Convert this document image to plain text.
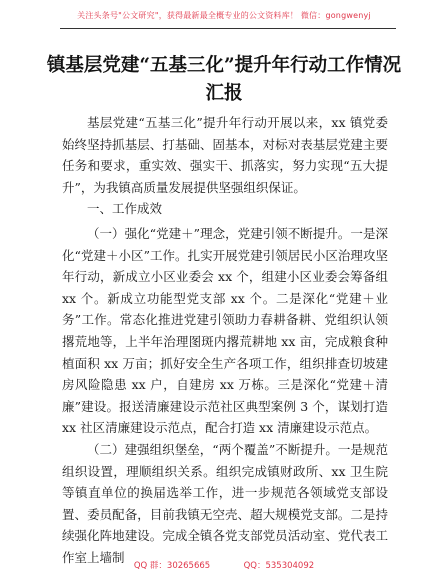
关注头条号"公文研究"，获得最新最全概专业的公文资料库！ 微信：gongwenyj
镇基层党建“五基三化”提升年行动工作情况
汇报

基层党建“五基三化”提升年行动开展以来，xx 镇党委始终坚持抓基层、打基础、固基本，对标对表基层党建主要任务和要求，重实效、强实干、抓落实，努力实现“五大提升”，为我镇高质量发展提供坚强组织保证。

一、工作成效

（一）强化“党建＋”理念，党建引领不断提升。一是深化“党建＋小区”工作。扎实开展党建引领居民小区治理攻坚年行动，新成立小区业委会 xx 个，组建小区业委会筹备组 xx 个。新成立功能型党支部 xx 个。二是深化“党建＋业务”工作。常态化推进党建引领助力春耕备耕、党组织认领撂荒地等，上半年治理图斑内撂荒耕地 xx 亩，完成粮食种植面积 xx 万亩；抓好安全生产各项工作，组织排查切坡建房风险隐患 xx 户，自建房 xx 万栋。三是深化“党建＋清廉”建设。报送清廉建设示范社区典型案例 3 个，谋划打造 xx 社区清廉建设示范点，配合打造 xx 清廉建设示范点。

（二）建强组织堡垒，“两个覆盖”不断提升。一是规范组织设置，理顺组织关系。组织完成镇财政所、xx 卫生院等镇直单位的换届选举工作，进一步规范各领域党支部设置、委员配备，目前我镇无空壳、超大规模党支部。二是持续强化阵地建设。完成全镇各党支部党员活动室、党代表工作室上墙制

QQ 群：30265665	QQ：535304092
